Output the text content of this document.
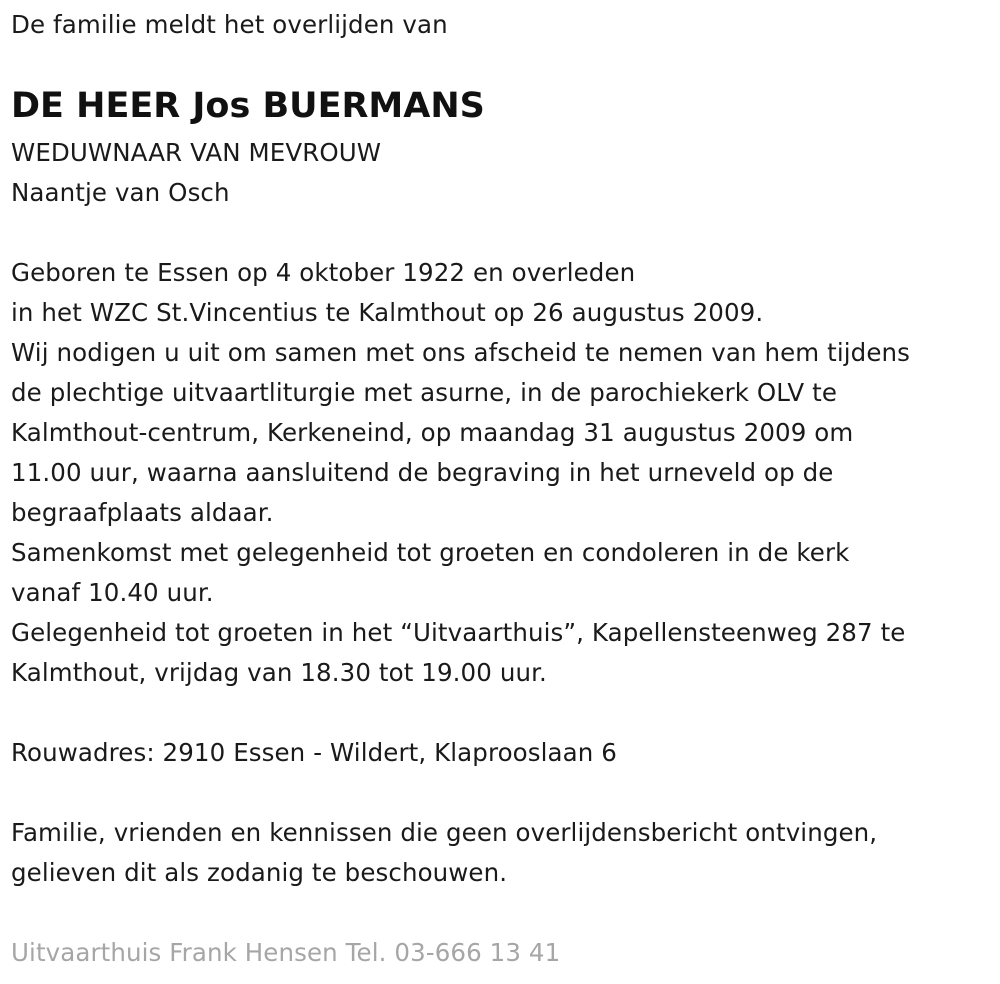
De familie meldt het overlijden van
DE HEER Jos BUERMANS
WEDUWNAAR VAN MEVROUW
Naantje van Osch
Geboren te Essen op 4 oktober 1922 en overleden
in het WZC St.Vincentius te Kalmthout op 26 augustus 2009.
Wij nodigen u uit om samen met ons afscheid te nemen van hem tijdens
de plechtige uitvaartliturgie met asurne, in de parochiekerk OLV te
Kalmthout-centrum, Kerkeneind, op maandag 31 augustus 2009 om
11.00 uur, waarna aansluitend de begraving in het urneveld op de
begraafplaats aldaar.
Samenkomst met gelegenheid tot groeten en condoleren in de kerk
vanaf 10.40 uur.
Gelegenheid tot groeten in het “Uitvaarthuis”, Kapellensteenweg 287 te
Kalmthout, vrijdag van 18.30 tot 19.00 uur.
Rouwadres: 2910 Essen - Wildert, Klaprooslaan 6
Familie, vrienden en kennissen die geen overlijdensbericht ontvingen,
gelieven dit als zodanig te beschouwen.
Uitvaarthuis Frank Hensen Tel. 03-666 13 41
